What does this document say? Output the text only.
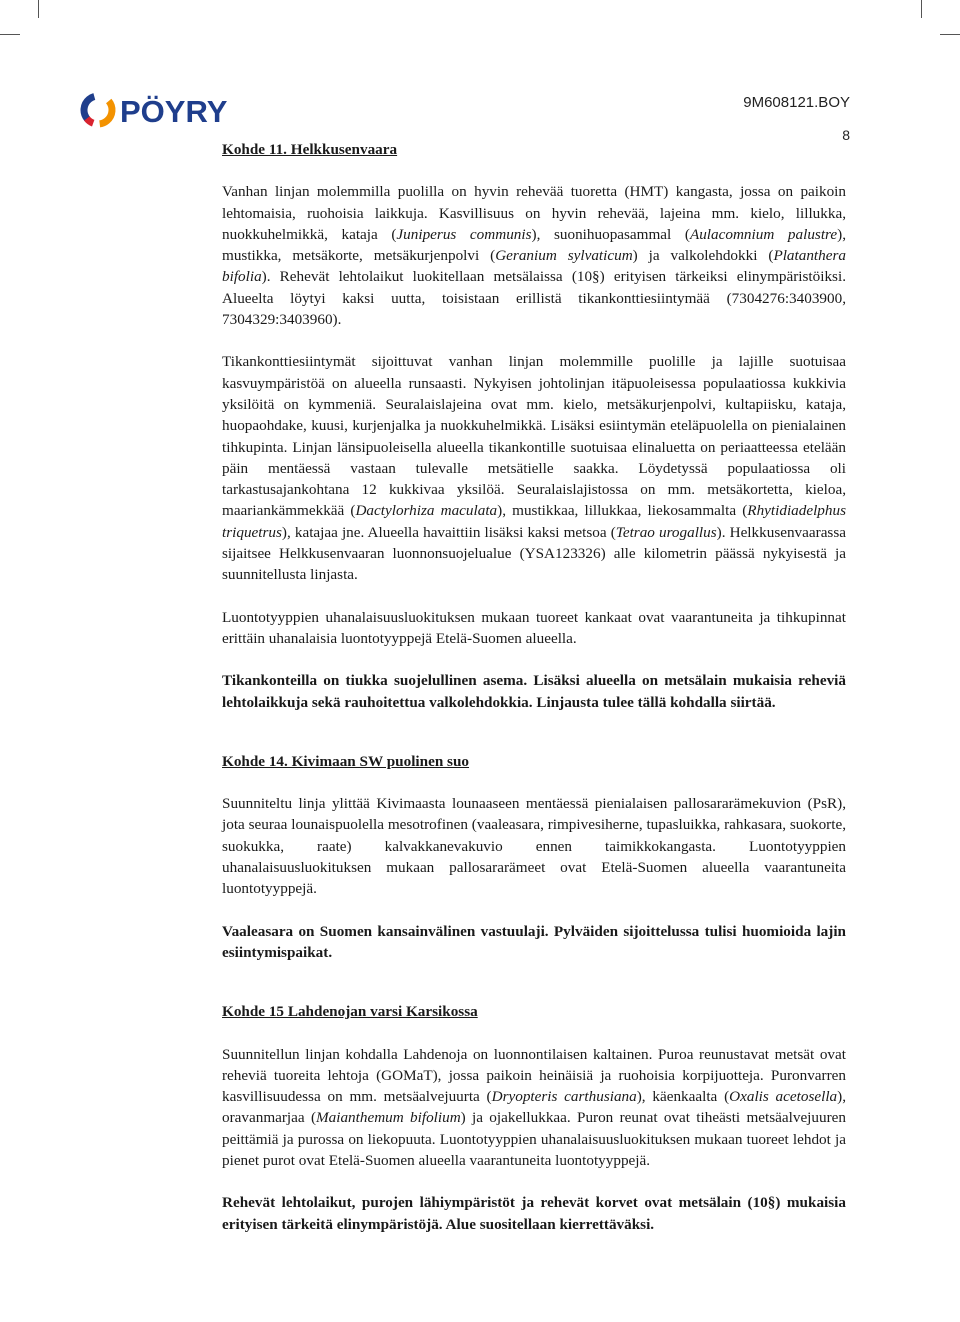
PÖYRY	9M608121.BOY
8

Kohde 11. Helkkusenvaara

Vanhan linjan molemmilla puolilla on hyvin rehevää tuoretta (HMT) kangasta, jossa on paikoin lehtomaisia, ruohoisia laikkuja. Kasvillisuus on hyvin rehevää, lajeina mm. kielo, lillukka, nuokkuhelmikkä, kataja (Juniperus communis), suonihuopasammal (Aulacomnium palustre), mustikka, metsäkorte, metsäkurjenpolvi (Geranium sylvaticum) ja valkolehdokki (Platanthera bifolia). Rehevät lehtolaikut luokitellaan metsälaissa (10§) erityisen tärkeiksi elinympäristöiksi. Alueelta löytyi kaksi uutta, toisistaan erillistä tikankonttiesiintymää (7304276:3403900, 7304329:3403960).

Tikankonttiesiintymät sijoittuvat vanhan linjan molemmille puolille ja lajille suotuisaa kasvuympäristöä on alueella runsaasti. Nykyisen johtolinjan itäpuoleisessa populaatiossa kukkivia yksilöitä on kymmeniä. Seuralaislajeina ovat mm. kielo, metsäkurjenpolvi, kultapiisku, kataja, huopaohdake, kuusi, kurjenjalka ja nuokkuhelmikkä. Lisäksi esiintymän eteläpuolella on pienialainen tihkupinta. Linjan länsipuoleisella alueella tikankontille suotuisaa elinaluetta on periaatteessa etelään päin mentäessä vastaan tulevalle metsätielle saakka. Löydetyssä populaatiossa oli tarkastusajankohtana 12 kukkivaa yksilöä. Seuralaislajistossa on mm. metsäkortetta, kieloa, maariankämmekkää (Dactylorhiza maculata), mustikkaa, lillukkaa, liekosammalta (Rhytidiadelphus triquetrus), katajaa jne. Alueella havaittiin lisäksi kaksi metsoa (Tetrao urogallus). Helkkusenvaarassa sijaitsee Helkkusenvaaran luonnonsuojelualue (YSA123326) alle kilometrin päässä nykyisestä ja suunnitellusta linjasta.

Luontotyyppien uhanalaisuusluokituksen mukaan tuoreet kankaat ovat vaarantuneita ja tihkupinnat erittäin uhanalaisia luontotyyppejä Etelä-Suomen alueella.

Tikankonteilla on tiukka suojelullinen asema. Lisäksi alueella on metsälain mukaisia reheviä lehtolaikkuja sekä rauhoitettua valkolehdokkia. Linjausta tulee tällä kohdalla siirtää.

Kohde 14. Kivimaan SW puolinen suo

Suunniteltu linja ylittää Kivimaasta lounaaseen mentäessä pienialaisen pallosararämekuvion (PsR), jota seuraa lounaispuolella mesotrofinen (vaaleasara, rimpivesiherne, tupasluikka, rahkasara, suokorte, suokukka, raate) kalvakkanevakuvio ennen taimikkokangasta. Luontotyyppien uhanalaisuusluokituksen mukaan pallosararämeet ovat Etelä-Suomen alueella vaarantuneita luontotyyppejä.

Vaaleasara on Suomen kansainvälinen vastuulaji. Pylväiden sijoittelussa tulisi huomioida lajin esiintymispaikat.

Kohde 15 Lahdenojan varsi Karsikossa

Suunnitellun linjan kohdalla Lahdenoja on luonnontilaisen kaltainen. Puroa reunustavat metsät ovat reheviä tuoreita lehtoja (GOMaT), jossa paikoin heinäisiä ja ruohoisia korpijuotteja. Puronvarren kasvillisuudessa on mm. metsäalvejuurta (Dryopteris carthusiana), käenkaalta (Oxalis acetosella), oravanmarjaa (Maianthemum bifolium) ja ojakellukkaa. Puron reunat ovat tiheästi metsäalvejuuren peittämiä ja purossa on liekopuuta. Luontotyyppien uhanalaisuusluokituksen mukaan tuoreet lehdot ja pienet purot ovat Etelä-Suomen alueella vaarantuneita luontotyyppejä.

Rehevät lehtolaikut, purojen lähiympäristöt ja rehevät korvet ovat metsälain (10§) mukaisia erityisen tärkeitä elinympäristöjä. Alue suositellaan kierrettäväksi.
